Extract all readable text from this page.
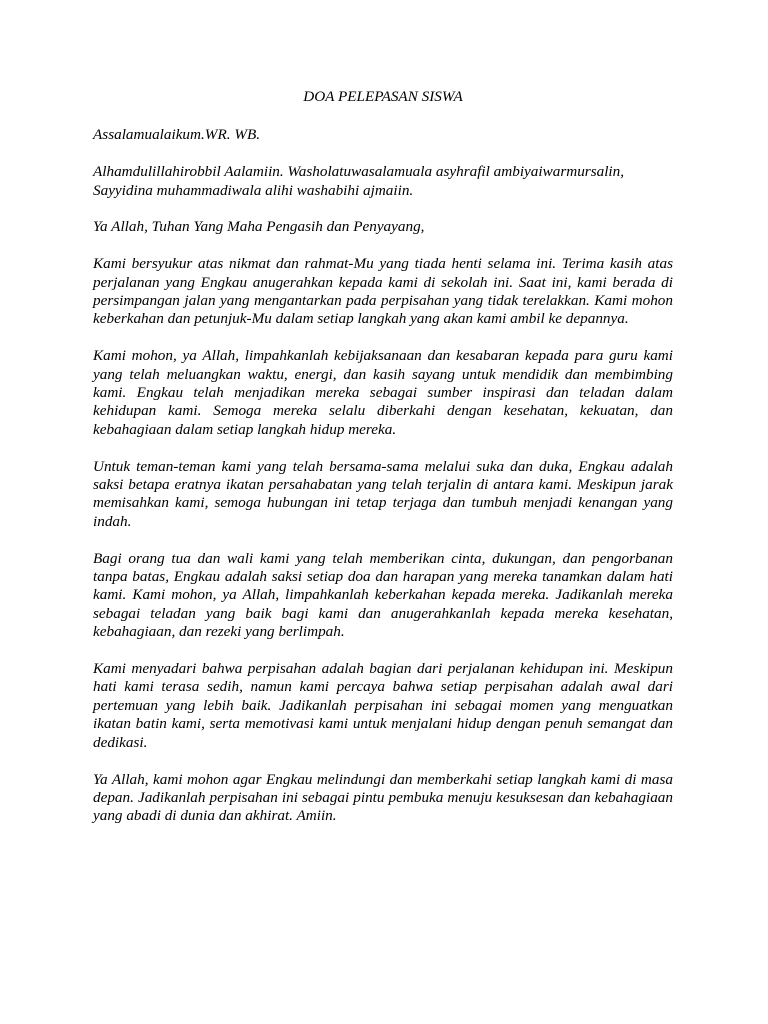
DOA PELEPASAN SISWA

Assalamualaikum.WR. WB.

Alhamdulillahirobbil Aalamiin. Washolatuwasalamuala asyhrafil ambiyaiwarmursalin, Sayyidina muhammadiwala alihi washabihi ajmaiin.

Ya Allah, Tuhan Yang Maha Pengasih dan Penyayang,

Kami bersyukur atas nikmat dan rahmat-Mu yang tiada henti selama ini. Terima kasih atas perjalanan yang Engkau anugerahkan kepada kami di sekolah ini. Saat ini, kami berada di persimpangan jalan yang mengantarkan pada perpisahan yang tidak terelakkan. Kami mohon keberkahan dan petunjuk-Mu dalam setiap langkah yang akan kami ambil ke depannya.

Kami mohon, ya Allah, limpahkanlah kebijaksanaan dan kesabaran kepada para guru kami yang telah meluangkan waktu, energi, dan kasih sayang untuk mendidik dan membimbing kami. Engkau telah menjadikan mereka sebagai sumber inspirasi dan teladan dalam kehidupan kami. Semoga mereka selalu diberkahi dengan kesehatan, kekuatan, dan kebahagiaan dalam setiap langkah hidup mereka.

Untuk teman-teman kami yang telah bersama-sama melalui suka dan duka, Engkau adalah saksi betapa eratnya ikatan persahabatan yang telah terjalin di antara kami. Meskipun jarak memisahkan kami, semoga hubungan ini tetap terjaga dan tumbuh menjadi kenangan yang indah.

Bagi orang tua dan wali kami yang telah memberikan cinta, dukungan, dan pengorbanan tanpa batas, Engkau adalah saksi setiap doa dan harapan yang mereka tanamkan dalam hati kami. Kami mohon, ya Allah, limpahkanlah keberkahan kepada mereka. Jadikanlah mereka sebagai teladan yang baik bagi kami dan anugerahkanlah kepada mereka kesehatan, kebahagiaan, dan rezeki yang berlimpah.

Kami menyadari bahwa perpisahan adalah bagian dari perjalanan kehidupan ini. Meskipun hati kami terasa sedih, namun kami percaya bahwa setiap perpisahan adalah awal dari pertemuan yang lebih baik. Jadikanlah perpisahan ini sebagai momen yang menguatkan ikatan batin kami, serta memotivasi kami untuk menjalani hidup dengan penuh semangat dan dedikasi.

Ya Allah, kami mohon agar Engkau melindungi dan memberkahi setiap langkah kami di masa depan. Jadikanlah perpisahan ini sebagai pintu pembuka menuju kesuksesan dan kebahagiaan yang abadi di dunia dan akhirat. Amiin.
